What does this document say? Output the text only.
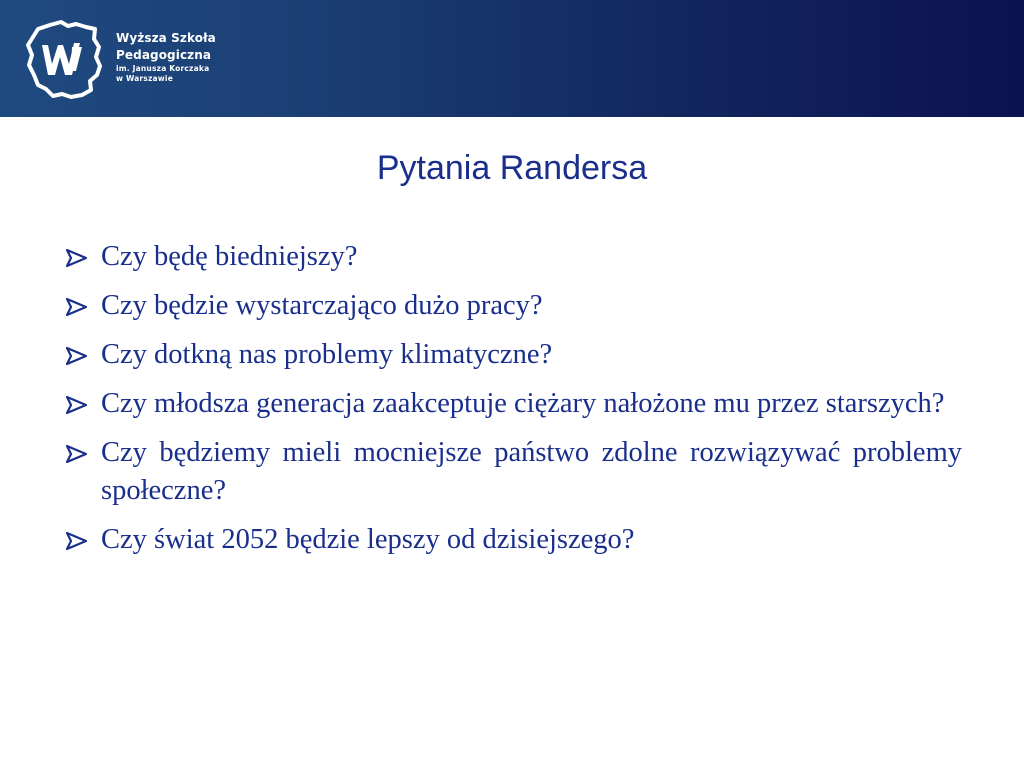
Wyższa Szkoła
Pedagogiczna
im. Janusza Korczaka
w Warszawie
Pytania Randersa
Czy będę biedniejszy?
Czy będzie wystarczająco dużo pracy?
Czy dotkną nas problemy klimatyczne?
Czy młodsza generacja zaakceptuje ciężary nałożone mu przez starszych?
Czy będziemy mieli mocniejsze państwo zdolne rozwiązywać problemy społeczne?
Czy świat 2052 będzie lepszy od dzisiejszego?
